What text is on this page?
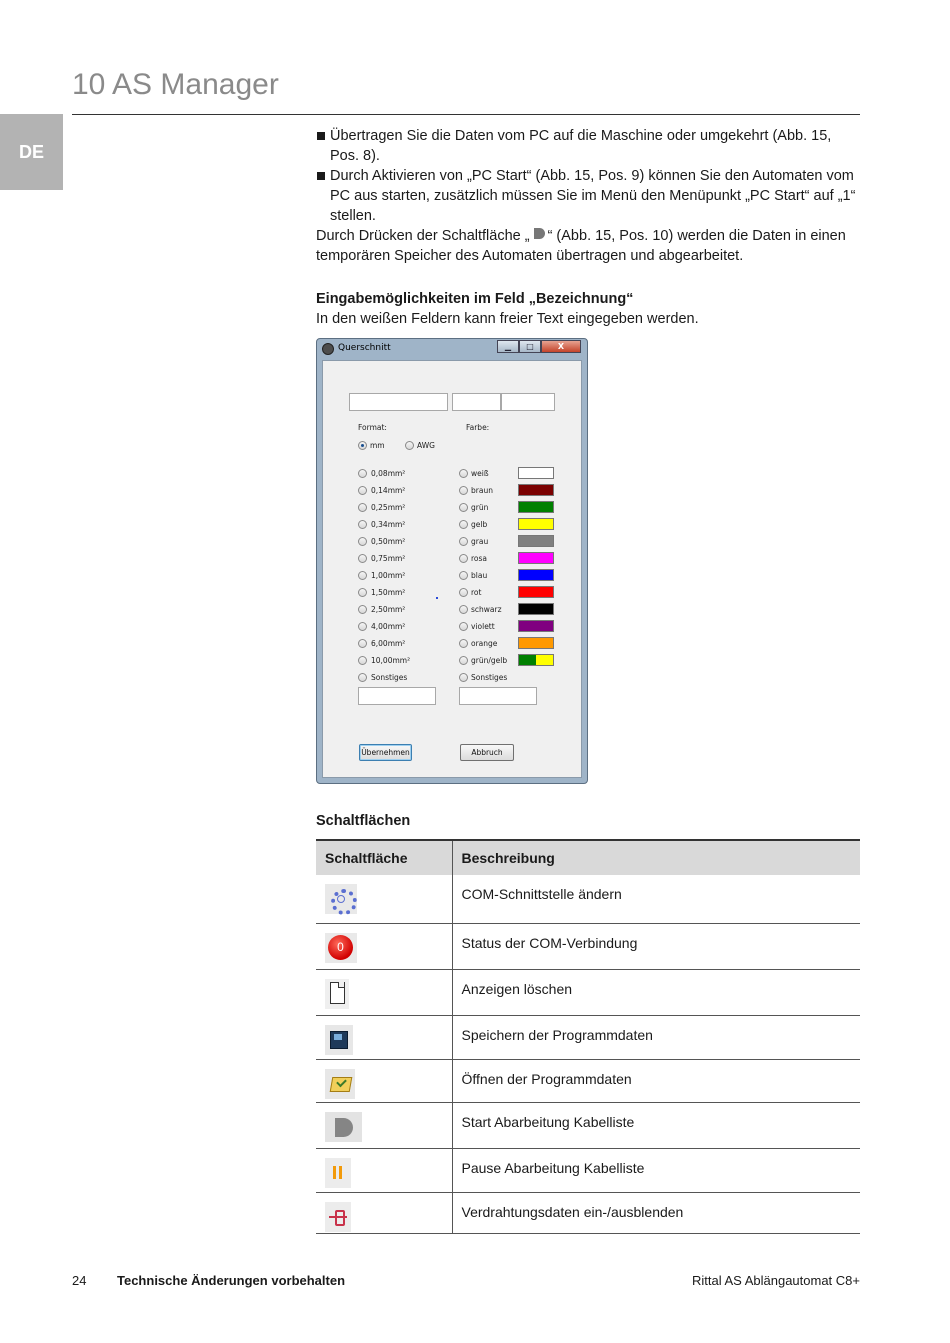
10 AS Manager
DE
Übertragen Sie die Daten vom PC auf die Maschine oder umgekehrt (Abb. 15, Pos. 8).
Durch Aktivieren von „PC Start“ (Abb. 15, Pos. 9) können Sie den Automaten vom PC aus starten, zusätzlich müssen Sie im Menü den Menüpunkt „PC Start“ auf „1“ stellen.
Durch Drücken der Schaltfläche „ “ (Abb. 15, Pos. 10) werden die Daten in einen temporären Speicher des Automaten übertragen und abgearbeitet.
Eingabemöglichkeiten im Feld „Bezeichnung“
In den weißen Feldern kann freier Text eingegeben werden.
Querschnitt	▁	□	X
Format:	Farbe:
mm	AWG
Übernehmen	Abbruch
0,08mm²
0,14mm²
0,25mm²
0,34mm²
0,50mm²
0,75mm²
1,00mm²
1,50mm²
2,50mm²
4,00mm²
6,00mm²
10,00mm²
Sonstiges
weiß
braun
grün
gelb
grau
rosa
blau
rot
schwarz
violett
orange
grün/gelb
Sonstiges
Schaltflächen
Schaltfläche	Beschreibung

	COM-Schnittstelle ändern

0
	Status der COM-Verbindung

	Anzeigen löschen

	Speichern der Programmdaten

	Öffnen der Programmdaten

	Start Abarbeitung Kabelliste

	Pause Abarbeitung Kabelliste

	Verdrahtungsdaten ein-/ausblenden
24 Technische Änderungen vorbehalten	Rittal AS Ablängautomat C8+
